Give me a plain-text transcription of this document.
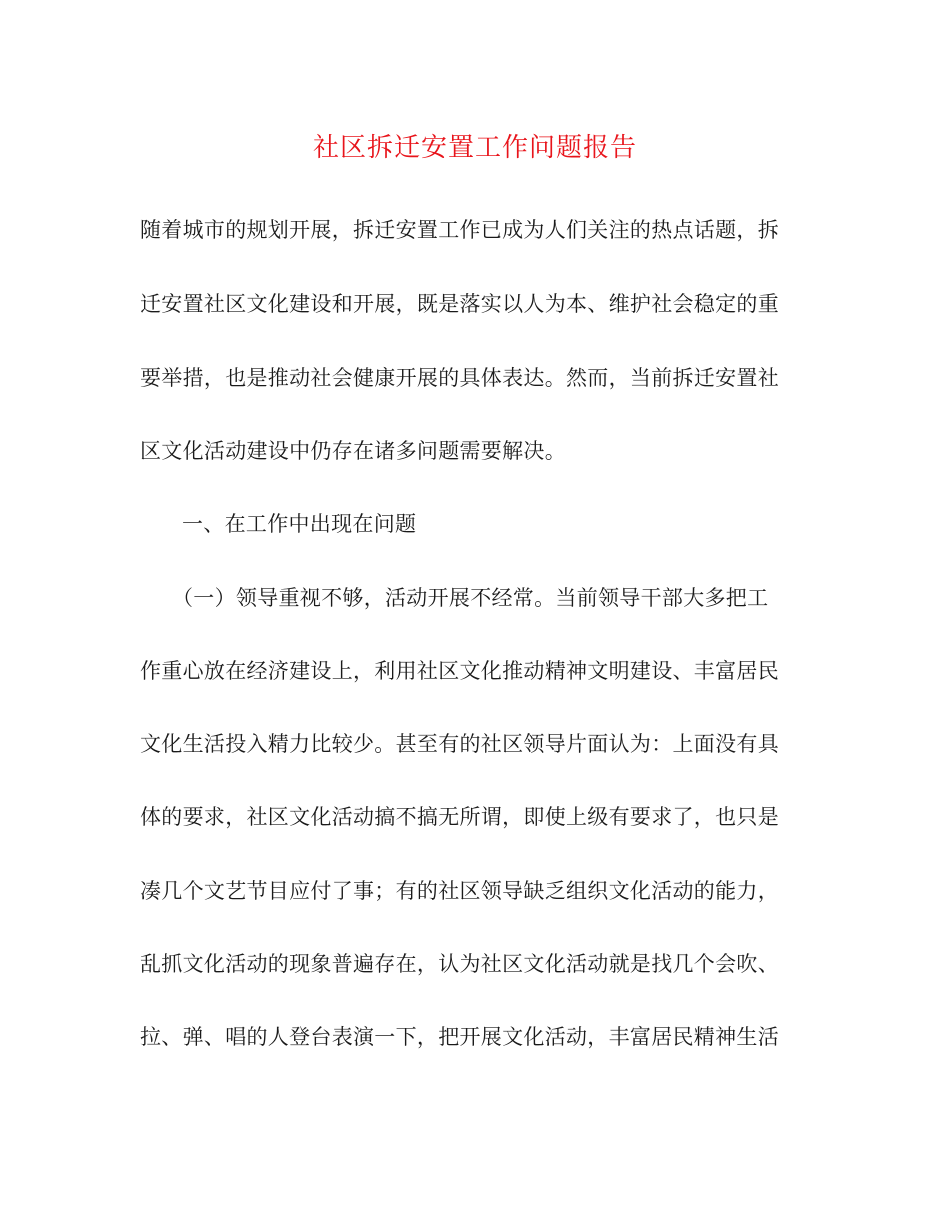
社区拆迁安置工作问题报告
随着城市的规划开展，拆迁安置工作已成为人们关注的热点话题，拆
迁安置社区文化建设和开展，既是落实以人为本、维护社会稳定的重
要举措，也是推动社会健康开展的具体表达。然而，当前拆迁安置社
区文化活动建设中仍存在诸多问题需要解决。
一、在工作中出现在问题
（一）领导重视不够，活动开展不经常。当前领导干部大多把工
作重心放在经济建设上，利用社区文化推动精神文明建设、丰富居民
文化生活投入精力比较少。甚至有的社区领导片面认为：上面没有具
体的要求，社区文化活动搞不搞无所谓，即使上级有要求了，也只是
凑几个文艺节目应付了事；有的社区领导缺乏组织文化活动的能力，
乱抓文化活动的现象普遍存在，认为社区文化活动就是找几个会吹、
拉、弹、唱的人登台表演一下，把开展文化活动，丰富居民精神生活
